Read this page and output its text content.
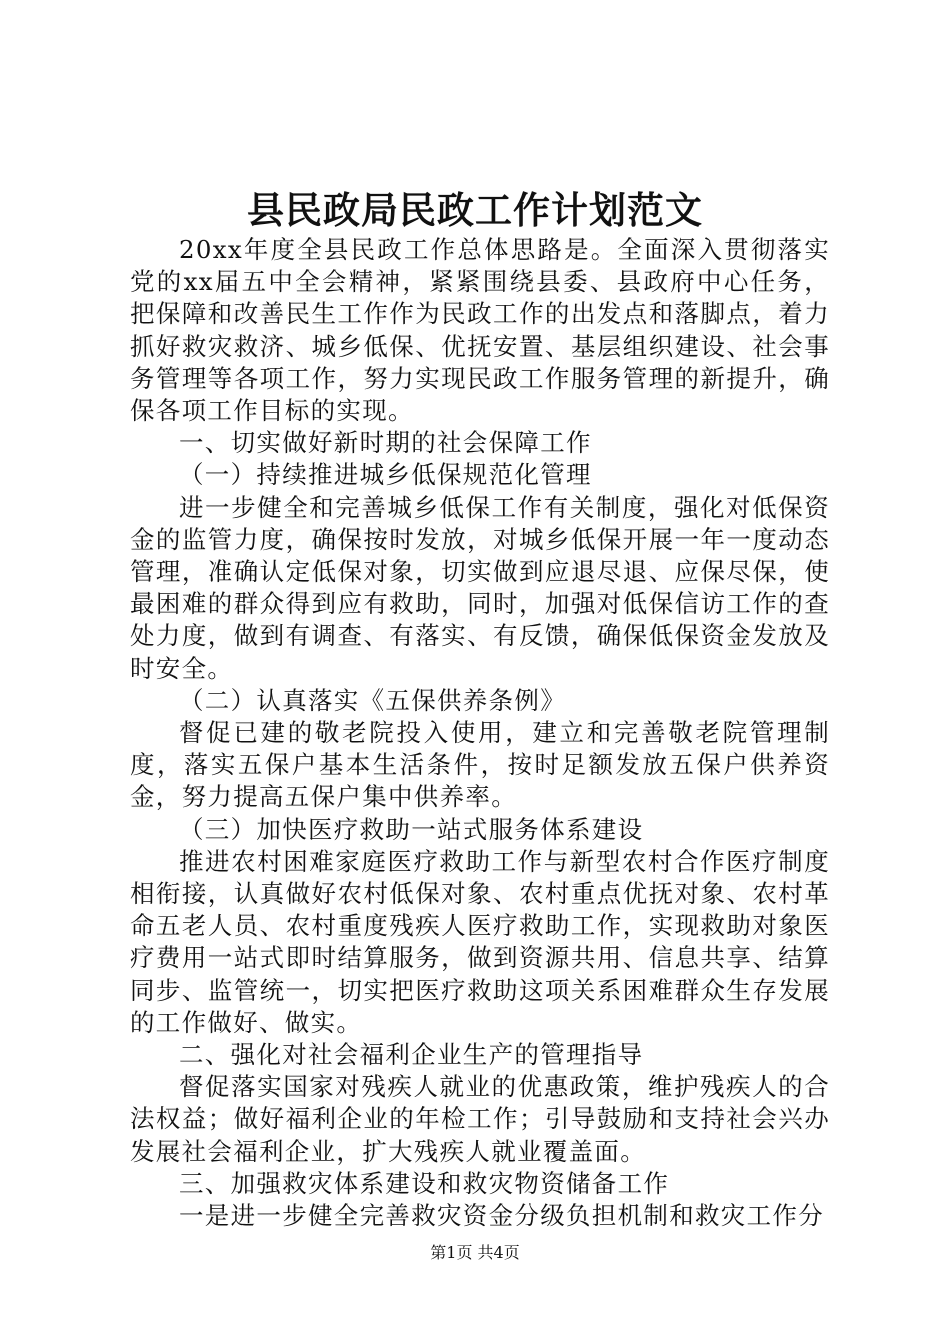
县民政局民政工作计划范文

20xx年度全县民政工作总体思路是。全面深入贯彻落实党的xx届五中全会精神，紧紧围绕县委、县政府中心任务，把保障和改善民生工作作为民政工作的出发点和落脚点，着力抓好救灾救济、城乡低保、优抚安置、基层组织建设、社会事务管理等各项工作，努力实现民政工作服务管理的新提升，确保各项工作目标的实现。

一、切实做好新时期的社会保障工作

（一）持续推进城乡低保规范化管理

进一步健全和完善城乡低保工作有关制度，强化对低保资金的监管力度，确保按时发放，对城乡低保开展一年一度动态管理，准确认定低保对象，切实做到应退尽退、应保尽保，使最困难的群众得到应有救助，同时，加强对低保信访工作的查处力度，做到有调查、有落实、有反馈，确保低保资金发放及时安全。

（二）认真落实《五保供养条例》

督促已建的敬老院投入使用，建立和完善敬老院管理制度，落实五保户基本生活条件，按时足额发放五保户供养资金，努力提高五保户集中供养率。

（三）加快医疗救助一站式服务体系建设

推进农村困难家庭医疗救助工作与新型农村合作医疗制度相衔接，认真做好农村低保对象、农村重点优抚对象、农村革命五老人员、农村重度残疾人医疗救助工作，实现救助对象医疗费用一站式即时结算服务，做到资源共用、信息共享、结算同步、监管统一，切实把医疗救助这项关系困难群众生存发展的工作做好、做实。

二、强化对社会福利企业生产的管理指导

督促落实国家对残疾人就业的优惠政策，维护残疾人的合法权益；做好福利企业的年检工作；引导鼓励和支持社会兴办发展社会福利企业，扩大残疾人就业覆盖面。

三、加强救灾体系建设和救灾物资储备工作

一是进一步健全完善救灾资金分级负担机制和救灾工作分

第1页 共4页
